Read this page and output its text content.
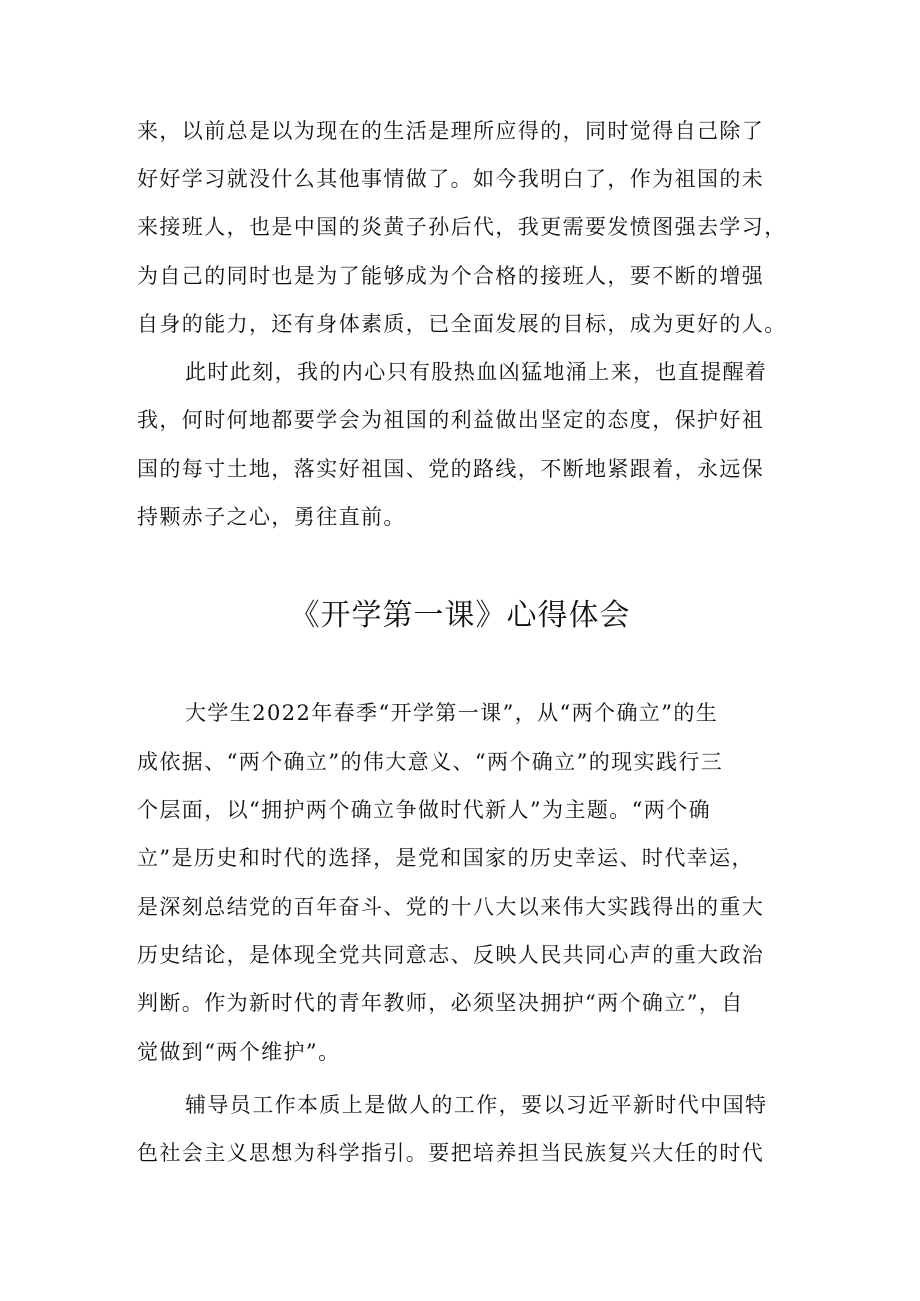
来，以前总是以为现在的生活是理所应得的，同时觉得自己除了
好好学习就没什么其他事情做了。如今我明白了，作为祖国的未
来接班人，也是中国的炎黄子孙后代，我更需要发愤图强去学习，
为自己的同时也是为了能够成为个合格的接班人，要不断的增强
自身的能力，还有身体素质，已全面发展的目标，成为更好的人。
此时此刻，我的内心只有股热血凶猛地涌上来，也直提醒着
我，何时何地都要学会为祖国的利益做出坚定的态度，保护好祖
国的每寸土地，落实好祖国、党的路线，不断地紧跟着，永远保
持颗赤子之心，勇往直前。
《开学第一课》心得体会
大学生2022年春季“开学第一课”，从“两个确立”的生
成依据、“两个确立”的伟大意义、“两个确立”的现实践行三
个层面，以“拥护两个确立争做时代新人”为主题。“两个确
立”是历史和时代的选择，是党和国家的历史幸运、时代幸运，
是深刻总结党的百年奋斗、党的十八大以来伟大实践得出的重大
历史结论，是体现全党共同意志、反映人民共同心声的重大政治
判断。作为新时代的青年教师，必须坚决拥护“两个确立”，自
觉做到“两个维护”。
辅导员工作本质上是做人的工作，要以习近平新时代中国特
色社会主义思想为科学指引。要把培养担当民族复兴大任的时代
